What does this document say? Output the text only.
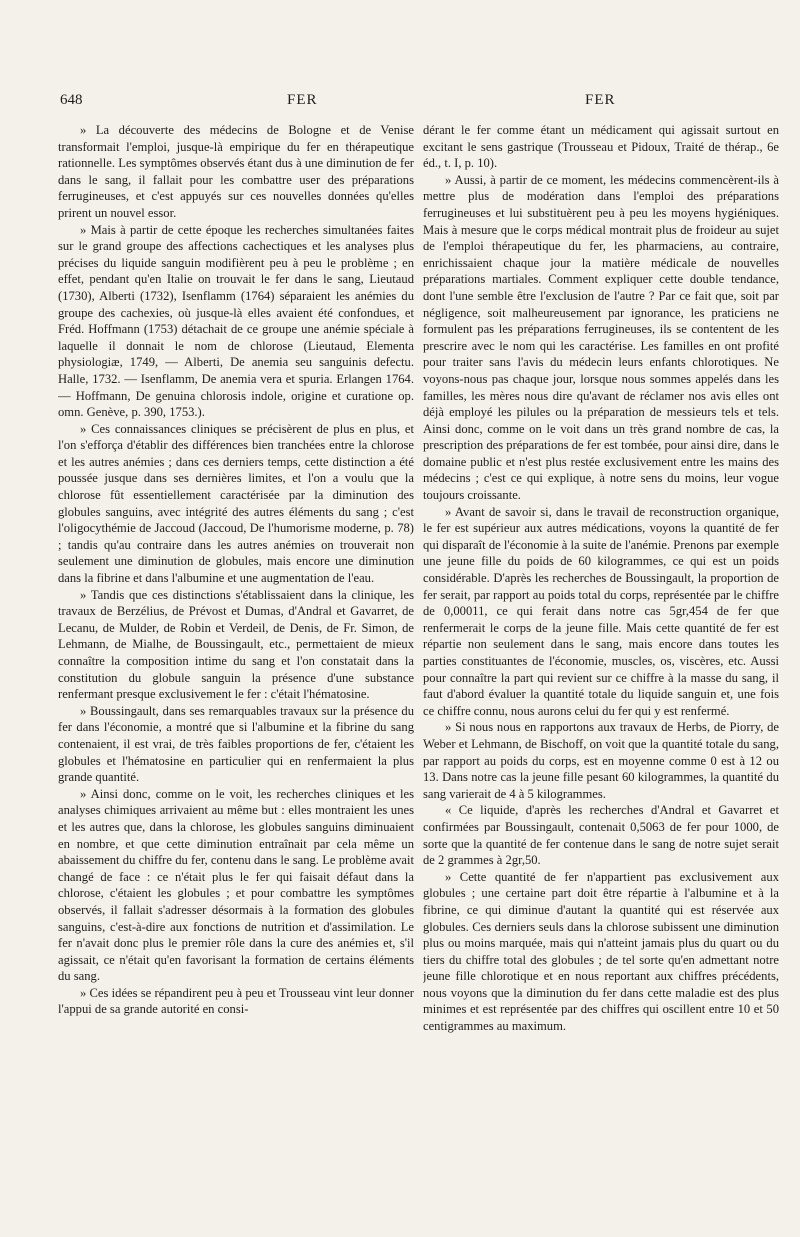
648	FER	FER

» La découverte des médecins de Bologne et de Venise transformait l'emploi, jusque-là empirique du fer en thérapeutique rationnelle. Les symptômes observés étant dus à une diminution de fer dans le sang, il fallait pour les combattre user des préparations ferrugineuses, et c'est appuyés sur ces nouvelles données qu'elles prirent un nouvel essor.

» Mais à partir de cette époque les recherches simultanées faites sur le grand groupe des affections cachectiques et les analyses plus précises du liquide sanguin modifièrent peu à peu le problème ; en effet, pendant qu'en Italie on trouvait le fer dans le sang, Lieutaud (1730), Alberti (1732), Isenflamm (1764) séparaient les anémies du groupe des cachexies, où jusque-là elles avaient été confondues, et Fréd. Hoffmann (1753) détachait de ce groupe une anémie spéciale à laquelle il donnait le nom de chlorose (Lieutaud, Elementa physiologiæ, 1749, — Alberti, De anemia seu sanguinis defectu. Halle, 1732. — Isenflamm, De anemia vera et spuria. Erlangen 1764. — Hoffmann, De genuina chlorosis indole, origine et curatione op. omn. Genève, p. 390, 1753.).

» Ces connaissances cliniques se précisèrent de plus en plus, et l'on s'efforça d'établir des différences bien tranchées entre la chlorose et les autres anémies ; dans ces derniers temps, cette distinction a été poussée jusque dans ses dernières limites, et l'on a voulu que la chlorose fût essentiellement caractérisée par la diminution des globules sanguins, avec intégrité des autres éléments du sang ; c'est l'oligocythémie de Jaccoud (Jaccoud, De l'humorisme moderne, p. 78) ; tandis qu'au contraire dans les autres anémies on trouverait non seulement une diminution de globules, mais encore une diminution dans la fibrine et dans l'albumine et une augmentation de l'eau.

» Tandis que ces distinctions s'établissaient dans la clinique, les travaux de Berzélius, de Prévost et Dumas, d'Andral et Gavarret, de Lecanu, de Mulder, de Robin et Verdeil, de Denis, de Fr. Simon, de Lehmann, de Mialhe, de Boussingault, etc., permettaient de mieux connaître la composition intime du sang et l'on constatait dans la constitution du globule sanguin la présence d'une substance renfermant presque exclusivement le fer : c'était l'hématosine.

» Boussingault, dans ses remarquables travaux sur la présence du fer dans l'économie, a montré que si l'albumine et la fibrine du sang contenaient, il est vrai, de très faibles proportions de fer, c'étaient les globules et l'hématosine en particulier qui en renfermaient la plus grande quantité.

» Ainsi donc, comme on le voit, les recherches cliniques et les analyses chimiques arrivaient au même but : elles montraient les unes et les autres que, dans la chlorose, les globules sanguins diminuaient en nombre, et que cette diminution entraînait par cela même un abaissement du chiffre du fer, contenu dans le sang. Le problème avait changé de face : ce n'était plus le fer qui faisait défaut dans la chlorose, c'étaient les globules ; et pour combattre les symptômes observés, il fallait s'adresser désormais à la formation des globules sanguins, c'est-à-dire aux fonctions de nutrition et d'assimilation. Le fer n'avait donc plus le premier rôle dans la cure des anémies et, s'il agissait, ce n'était qu'en favorisant la formation de certains éléments du sang.

» Ces idées se répandirent peu à peu et Trousseau vint leur donner l'appui de sa grande autorité en consi-

dérant le fer comme étant un médicament qui agissait surtout en excitant le sens gastrique (Trousseau et Pidoux, Traité de thérap., 6e éd., t. I, p. 10).

» Aussi, à partir de ce moment, les médecins commencèrent-ils à mettre plus de modération dans l'emploi des préparations ferrugineuses et lui substituèrent peu à peu les moyens hygiéniques. Mais à mesure que le corps médical montrait plus de froideur au sujet de l'emploi thérapeutique du fer, les pharmaciens, au contraire, enrichissaient chaque jour la matière médicale de nouvelles préparations martiales. Comment expliquer cette double tendance, dont l'une semble être l'exclusion de l'autre ? Par ce fait que, soit par négligence, soit malheureusement par ignorance, les praticiens ne formulent pas les préparations ferrugineuses, ils se contentent de les prescrire avec le nom qui les caractérise. Les familles en ont profité pour traiter sans l'avis du médecin leurs enfants chlorotiques. Ne voyons-nous pas chaque jour, lorsque nous sommes appelés dans les familles, les mères nous dire qu'avant de réclamer nos avis elles ont déjà employé les pilules ou la préparation de messieurs tels et tels. Ainsi donc, comme on le voit dans un très grand nombre de cas, la prescription des préparations de fer est tombée, pour ainsi dire, dans le domaine public et n'est plus restée exclusivement entre les mains des médecins ; c'est ce qui explique, à notre sens du moins, leur vogue toujours croissante.

» Avant de savoir si, dans le travail de reconstruction organique, le fer est supérieur aux autres médications, voyons la quantité de fer qui disparaît de l'économie à la suite de l'anémie. Prenons par exemple une jeune fille du poids de 60 kilogrammes, ce qui est un poids considérable. D'après les recherches de Boussingault, la proportion de fer serait, par rapport au poids total du corps, représentée par le chiffre de 0,00011, ce qui ferait dans notre cas 5gr,454 de fer que renfermerait le corps de la jeune fille. Mais cette quantité de fer est répartie non seulement dans le sang, mais encore dans toutes les parties constituantes de l'économie, muscles, os, viscères, etc. Aussi pour connaître la part qui revient sur ce chiffre à la masse du sang, il faut d'abord évaluer la quantité totale du liquide sanguin et, une fois ce chiffre connu, nous aurons celui du fer qui y est renfermé.

» Si nous nous en rapportons aux travaux de Herbs, de Piorry, de Weber et Lehmann, de Bischoff, on voit que la quantité totale du sang, par rapport au poids du corps, est en moyenne comme 0 est à 12 ou 13. Dans notre cas la jeune fille pesant 60 kilogrammes, la quantité du sang varierait de 4 à 5 kilogrammes.

« Ce liquide, d'après les recherches d'Andral et Gavarret et confirmées par Boussingault, contenait 0,5063 de fer pour 1000, de sorte que la quantité de fer contenue dans le sang de notre sujet serait de 2 grammes à 2gr,50.

» Cette quantité de fer n'appartient pas exclusivement aux globules ; une certaine part doit être répartie à l'albumine et à la fibrine, ce qui diminue d'autant la quantité qui est réservée aux globules. Ces derniers seuls dans la chlorose subissent une diminution plus ou moins marquée, mais qui n'atteint jamais plus du quart ou du tiers du chiffre total des globules ; de tel sorte qu'en admettant notre jeune fille chlorotique et en nous reportant aux chiffres précédents, nous voyons que la diminution du fer dans cette maladie est des plus minimes et est représentée par des chiffres qui oscillent entre 10 et 50 centigrammes au maximum.
